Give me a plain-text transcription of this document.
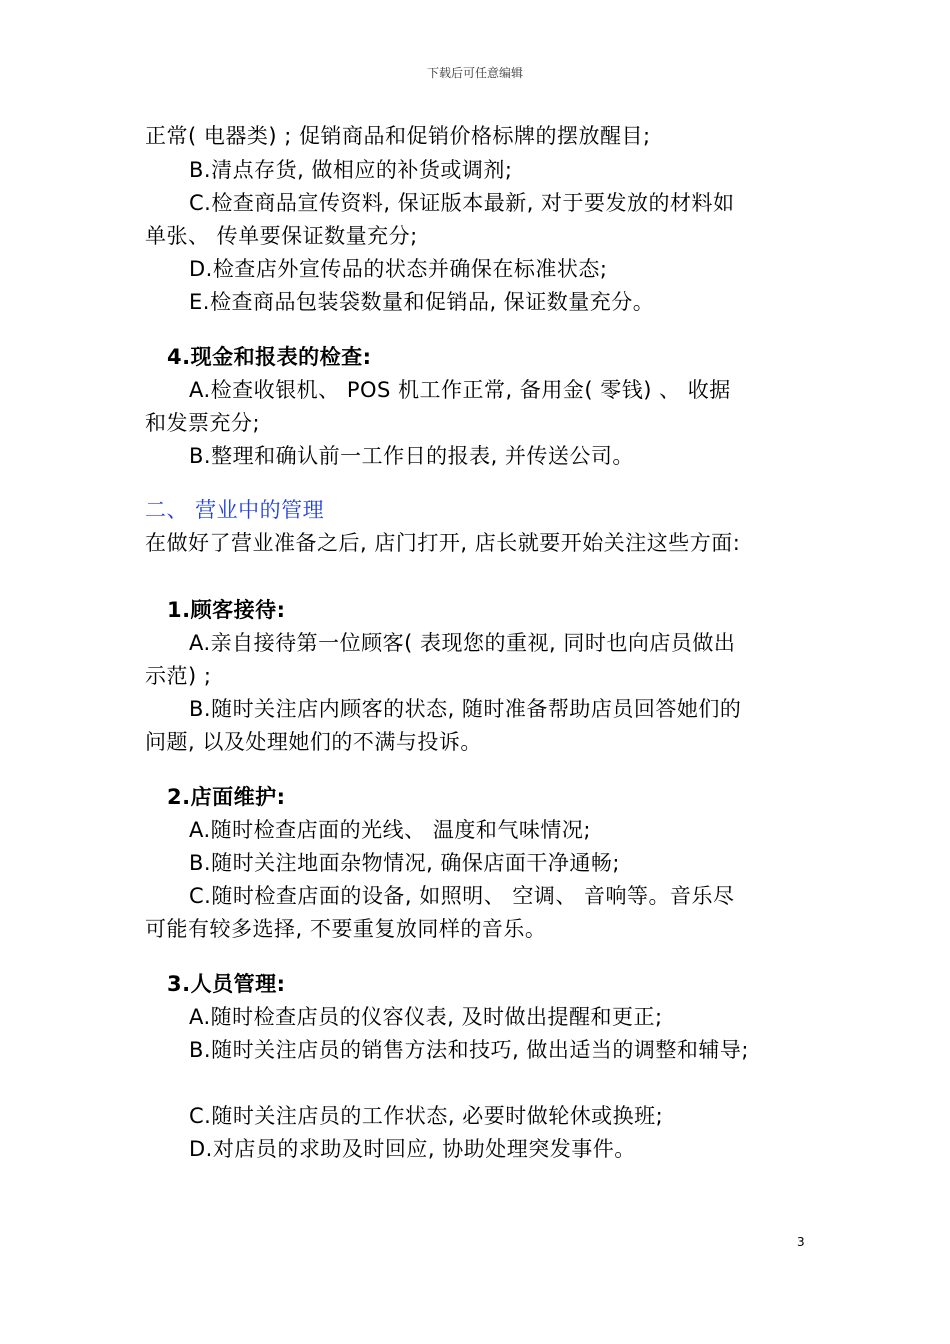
下载后可任意编辑
正常( 电器类) ; 促销商品和促销价格标牌的摆放醒目;
B.清点存货, 做相应的补货或调剂;
C.检查商品宣传资料, 保证版本最新, 对于要发放的材料如
单张、 传单要保证数量充分;
D.检查店外宣传品的状态并确保在标准状态;
E.检查商品包装袋数量和促销品, 保证数量充分。
4.现金和报表的检查:
A.检查收银机、 POS 机工作正常, 备用金( 零钱) 、 收据
和发票充分;
B.整理和确认前一工作日的报表, 并传送公司。
二、 营业中的管理
在做好了营业准备之后, 店门打开, 店长就要开始关注这些方面:
1.顾客接待:
A.亲自接待第一位顾客( 表现您的重视, 同时也向店员做出
示范) ;
B.随时关注店内顾客的状态, 随时准备帮助店员回答她们的
问题, 以及处理她们的不满与投诉。
2.店面维护:
A.随时检查店面的光线、 温度和气味情况;
B.随时关注地面杂物情况, 确保店面干净通畅;
C.随时检查店面的设备, 如照明、 空调、 音响等。音乐尽
可能有较多选择, 不要重复放同样的音乐。
3.人员管理:
A.随时检查店员的仪容仪表, 及时做出提醒和更正;
B.随时关注店员的销售方法和技巧, 做出适当的调整和辅导;
C.随时关注店员的工作状态, 必要时做轮休或换班;
D.对店员的求助及时回应, 协助处理突发事件。
3
